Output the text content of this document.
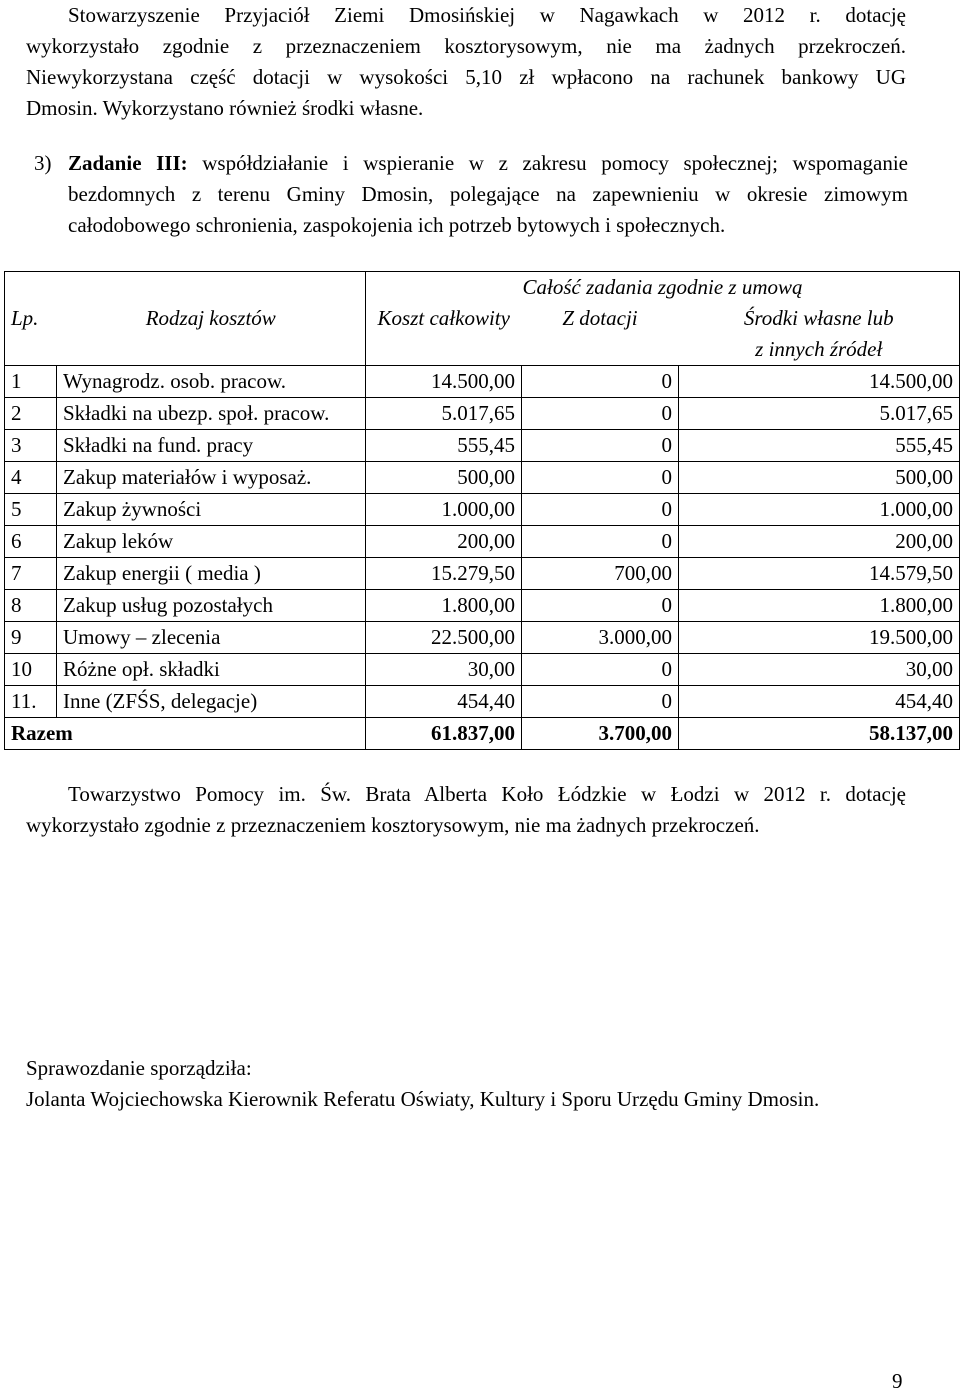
Stowarzyszenie Przyjaciół Ziemi Dmosińskiej w Nagawkach w 2012 r. dotację
wykorzystało zgodnie z przeznaczeniem kosztorysowym, nie ma żadnych przekroczeń.
Niewykorzystana część dotacji w wysokości 5,10 zł wpłacono na rachunek bankowy UG
Dmosin. Wykorzystano również środki własne.
3) Zadanie III: współdziałanie i wspieranie w z zakresu pomocy społecznej; wspomaganie
bezdomnych z terenu Gminy Dmosin, polegające na zapewnieniu w okresie zimowym
całodobowego schronienia, zaspokojenia ich potrzeb bytowych i społecznych.
Lp.	Rodzaj kosztów	Całość zadania zgodnie z umową		
		Koszt całkowity	Z dotacji	Środki własne lub
				z innych źródeł
1	Wynagrodz. osob. pracow.	14.500,00	0	14.500,00
2	Składki na ubezp. społ. pracow.	5.017,65	0	5.017,65
3	Składki na fund. pracy	555,45	0	555,45
4	Zakup materiałów i wyposaż.	500,00	0	500,00
5	Zakup żywności	1.000,00	0	1.000,00
6	Zakup leków	200,00	0	200,00
7	Zakup energii ( media )	15.279,50	700,00	14.579,50
8	Zakup usług pozostałych	1.800,00	0	1.800,00
9	Umowy – zlecenia	22.500,00	3.000,00	19.500,00
10	Różne opł. składki	30,00	0	30,00
11.	Inne (ZFŚS, delegacje)	454,40	0	454,40
Razem		61.837,00	3.700,00	58.137,00
Towarzystwo Pomocy im. Św. Brata Alberta Koło Łódzkie w Łodzi w 2012 r. dotację
wykorzystało zgodnie z przeznaczeniem kosztorysowym, nie ma żadnych przekroczeń.
Sprawozdanie sporządziła:
Jolanta Wojciechowska Kierownik Referatu Oświaty, Kultury i Sporu Urzędu Gminy Dmosin.
9
